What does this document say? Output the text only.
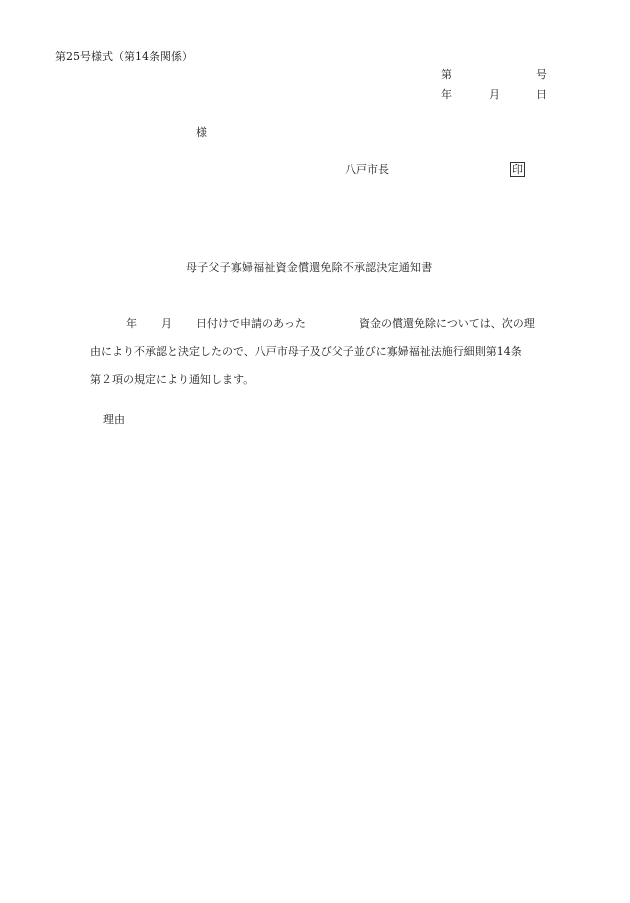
第25号様式（第14条関係）
第	号
年	月	日
様
八戸市長	印
母子父子寡婦福祉資金償還免除不承認決定通知書
年 月 日付けで申請のあった	資金の償還免除については、次の理
由により不承認と決定したので、八戸市母子及び父子並びに寡婦福祉法施行細則第14条
第２項の規定により通知します。
理由
